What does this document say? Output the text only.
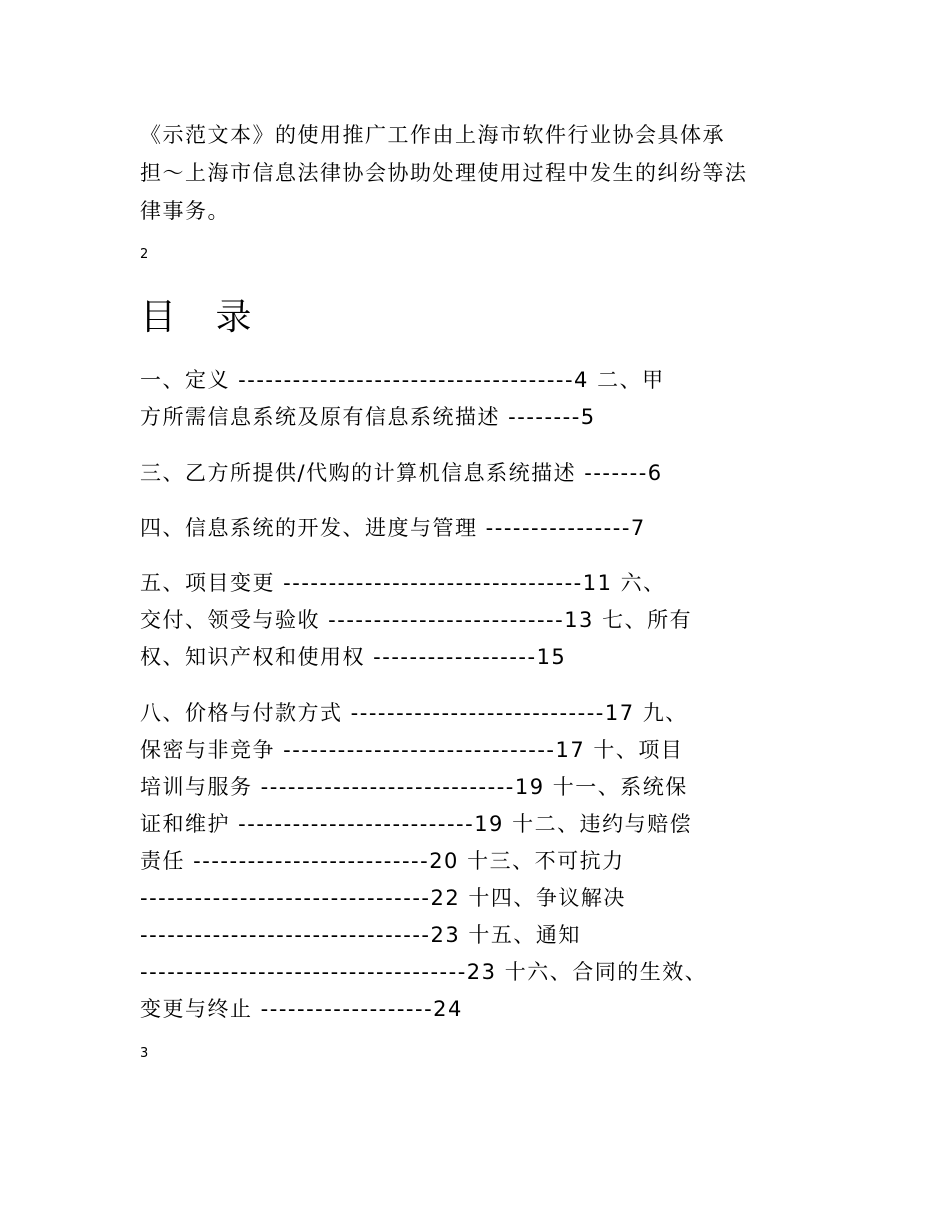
《示范文本》的使用推广工作由上海市软件行业协会具体承
担～上海市信息法律协会协助处理使用过程中发生的纠纷等法
律事务。

2

目 录

一、定义 -------------------------------------4 二、甲
方所需信息系统及原有信息系统描述 --------5

三、乙方所提供/代购的计算机信息系统描述 -------6

四、信息系统的开发、进度与管理 ----------------7

五、项目变更 ---------------------------------11 六、
交付、领受与验收 --------------------------13 七、所有
权、知识产权和使用权 ------------------15

八、价格与付款方式 ----------------------------17 九、
保密与非竞争 ------------------------------17 十、项目
培训与服务 ----------------------------19 十一、系统保
证和维护 --------------------------19 十二、违约与赔偿
责任 --------------------------20 十三、不可抗力
--------------------------------22 十四、争议解决
--------------------------------23 十五、通知
------------------------------------23 十六、合同的生效、
变更与终止 -------------------24

3
